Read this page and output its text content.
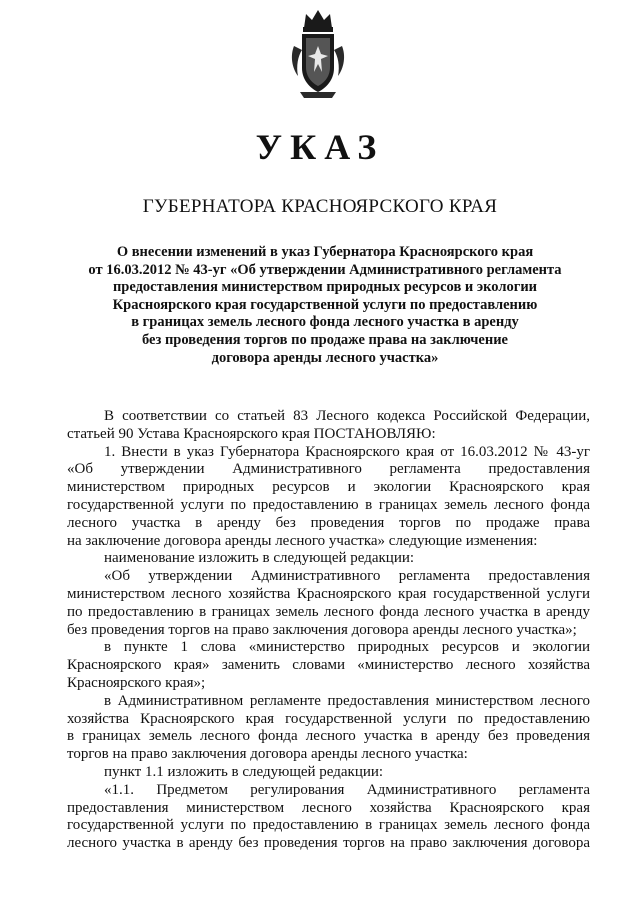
УКАЗ
ГУБЕРНАТОРА КРАСНОЯРСКОГО КРАЯ
О внесении изменений в указ Губернатора Красноярского края
от 16.03.2012 № 43-уг «Об утверждении Административного регламента
предоставления министерством природных ресурсов и экологии
Красноярского края государственной услуги по предоставлению
в границах земель лесного фонда лесного участка в аренду
без проведения торгов по продаже права на заключение
договора аренды лесного участка»
В соответствии со статьей 83 Лесного кодекса Российской Федерации,
статьей 90 Устава Красноярского края ПОСТАНОВЛЯЮ:
1. Внести в указ Губернатора Красноярского края от 16.03.2012 № 43-уг
«Об утверждении Административного регламента предоставления
министерством природных ресурсов и экологии Красноярского края
государственной услуги по предоставлению в границах земель лесного фонда
лесного участка в аренду без проведения торгов по продаже права
на заключение договора аренды лесного участка» следующие изменения:
наименование изложить в следующей редакции:
«Об утверждении Административного регламента предоставления
министерством лесного хозяйства Красноярского края государственной услуги
по предоставлению в границах земель лесного фонда лесного участка в аренду
без проведения торгов на право заключения договора аренды лесного участка»;
в пункте 1 слова «министерство природных ресурсов и экологии
Красноярского края» заменить словами «министерство лесного хозяйства
Красноярского края»;
в Административном регламенте предоставления министерством лесного
хозяйства Красноярского края государственной услуги по предоставлению
в границах земель лесного фонда лесного участка в аренду без проведения
торгов на право заключения договора аренды лесного участка:
пункт 1.1 изложить в следующей редакции:
«1.1. Предметом регулирования Административного регламента
предоставления министерством лесного хозяйства Красноярского края
государственной услуги по предоставлению в границах земель лесного фонда
лесного участка в аренду без проведения торгов на право заключения договора
